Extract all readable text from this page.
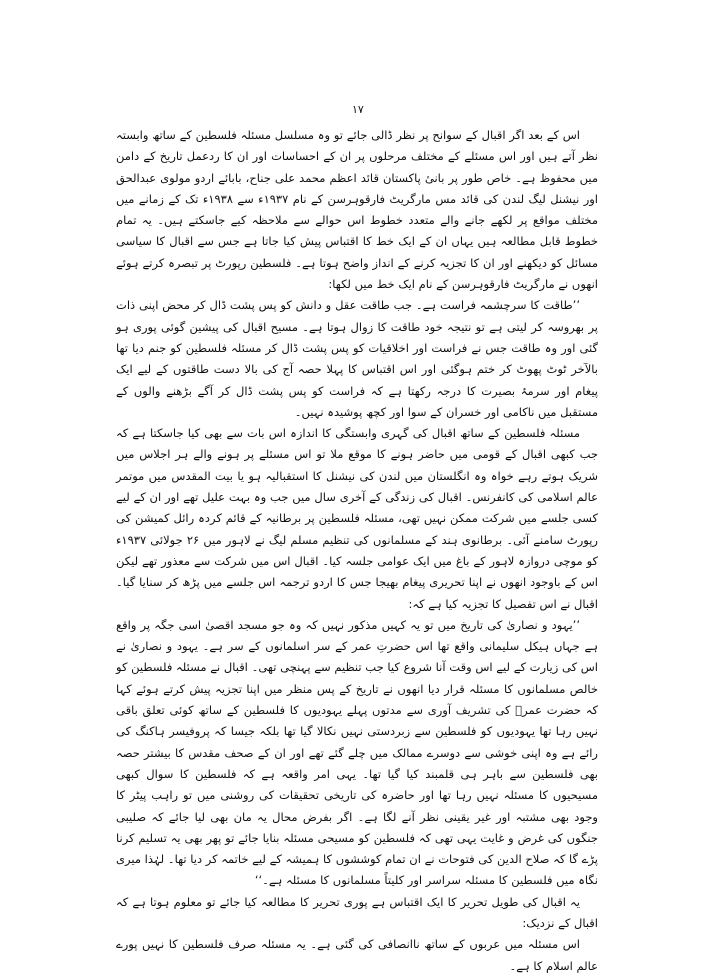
۱۷

اس کے بعد اگر اقبال کے سوانح پر نظر ڈالی جائے تو وہ مسلسل مسئلہ فلسطین کے ساتھ وابستہ نظر آتے ہیں اور اس مسئلے کے مختلف مرحلوں پر ان کے احساسات اور ان کا ردعمل تاریخ کے دامن میں محفوظ ہے۔ خاص طور پر بانیٔ پاکستان قائد اعظم محمد علی جناح، بابائے اردو مولوی عبدالحق اور نیشنل لیگ لندن کی قائد مس مارگریٹ فارقوہرسن کے نام ۱۹۳۷ء سے ۱۹۳۸ء تک کے زمانے میں مختلف مواقع پر لکھے جانے والے متعدد خطوط اس حوالے سے ملاحظہ کیے جاسکتے ہیں۔ یہ تمام خطوط قابل مطالعہ ہیں یہاں ان کے ایک خط کا اقتباس پیش کیا جاتا ہے جس سے اقبال کا سیاسی مسائل کو دیکھنے اور ان کا تجزیہ کرنے کے انداز واضح ہوتا ہے۔ فلسطین رپورٹ پر تبصرہ کرتے ہوئے انھوں نے مارگریٹ فارقوہرسن کے نام ایک خط میں لکھا:

’’طاقت کا سرچشمہ فراست ہے۔ جب طاقت عقل و دانش کو پس پشت ڈال کر محض اپنی ذات پر بھروسہ کر لیتی ہے تو نتیجہ خود طاقت کا زوال ہوتا ہے۔ مسیح اقبال کی پیشین گوئی پوری ہو گئی اور وہ طاقت جس نے فراست اور اخلاقیات کو پس پشت ڈال کر مسئلہ فلسطین کو جنم دیا تھا بالآخر ٹوٹ پھوٹ کر ختم ہوگئی اور اس اقتباس کا پہلا حصہ آج کی بالا دست طاقتوں کے لیے ایک پیغام اور سرمۂ بصیرت کا درجہ رکھتا ہے کہ فراست کو پس پشت ڈال کر آگے بڑھنے والوں کے مستقبل میں ناکامی اور خسران کے سوا اور کچھ پوشیدہ نہیں۔

مسئلہ فلسطین کے ساتھ اقبال کی گہری وابستگی کا اندازہ اس بات سے بھی کیا جاسکتا ہے کہ جب کبھی اقبال کے قومی میں حاضر ہونے کا موقع ملا تو اس مسئلے پر ہونے والے ہر اجلاس میں شریک ہوتے رہے خواہ وہ انگلستان میں لندن کی نیشنل کا استقبالیہ ہو یا بیت المقدس میں موتمر عالم اسلامی کی کانفرنس۔ اقبال کی زندگی کے آخری سال میں جب وہ بہت علیل تھے اور ان کے لیے کسی جلسے میں شرکت ممکن نہیں تھی، مسئلہ فلسطین پر برطانیہ کے قائم کردہ رائل کمیشن کی رپورٹ سامنے آئی۔ برطانوی ہند کے مسلمانوں کی تنظیم مسلم لیگ نے لاہور میں ۲۶ جولائی ۱۹۳۷ء کو موچی دروازہ لاہور کے باغ میں ایک عوامی جلسہ کیا۔ اقبال اس میں شرکت سے معذور تھے لیکن اس کے باوجود انھوں نے اپنا تحریری پیغام بھیجا جس کا اردو ترجمہ اس جلسے میں پڑھ کر سنایا گیا۔ اقبال نے اس تفصیل کا تجزیہ کیا ہے کہ:

’’یہود و نصاریٰ کی تاریخ میں تو یہ کہیں مذکور نہیں کہ وہ جو مسجد اقصیٰ اسی جگہ پر واقع ہے جہاں ہیکل سلیمانی واقع تھا اس حضرتِ عمر کے سر اسلمانوں کے سر ہے۔ یہود و نصاریٰ نے اس کی زیارت کے لیے اس وقت آنا شروع کیا جب تنظیم سے پہنچی تھی۔ اقبال نے مسئلہ فلسطین کو خالص مسلمانوں کا مسئلہ قرار دیا انھوں نے تاریخ کے پس منظر میں اپنا تجزیہ پیش کرتے ہوئے کہا کہ حضرت عمرؓ کی تشریف آوری سے مدتوں پہلے یہودیوں کا فلسطین کے ساتھ کوئی تعلق باقی نہیں رہا تھا یہودیوں کو فلسطین سے زبردستی نہیں نکالا گیا تھا بلکہ جیسا کہ پروفیسر ہاکنگ کی رائے ہے وہ اپنی خوشی سے دوسرے ممالک میں چلے گئے تھے اور ان کے صحف مقدس کا بیشتر حصہ بھی فلسطین سے باہر ہی قلمبند کیا گیا تھا۔ یہی امر واقعہ ہے کہ فلسطین کا سوال کبھی مسیحیوں کا مسئلہ نہیں رہا تھا اور حاضرہ کی تاریخی تحقیقات کی روشنی میں تو راہب پیٹر کا وجود بھی مشتبہ اور غیر یقینی نظر آنے لگا ہے۔ اگر بفرض محال یہ مان بھی لیا جائے کہ صلیبی جنگوں کی غرض و غایت یہی تھی کہ فلسطین کو مسیحی مسئلہ بنایا جائے تو پھر بھی یہ تسلیم کرنا پڑے گا کہ صلاح الدین کی فتوحات نے ان تمام کوششوں کا ہمیشہ کے لیے خاتمہ کر دیا تھا۔ لہٰذا میری نگاہ میں فلسطین کا مسئلہ سراسر اور کلیتاً مسلمانوں کا مسئلہ ہے۔‘‘

یہ اقبال کی طویل تحریر کا ایک اقتباس ہے پوری تحریر کا مطالعہ کیا جائے تو معلوم ہوتا ہے کہ اقبال کے نزدیک:

اس مسئلہ میں عربوں کے ساتھ ناانصافی کی گئی ہے۔ یہ مسئلہ صرف فلسطین کا نہیں پورے عالم اسلام کا ہے۔
